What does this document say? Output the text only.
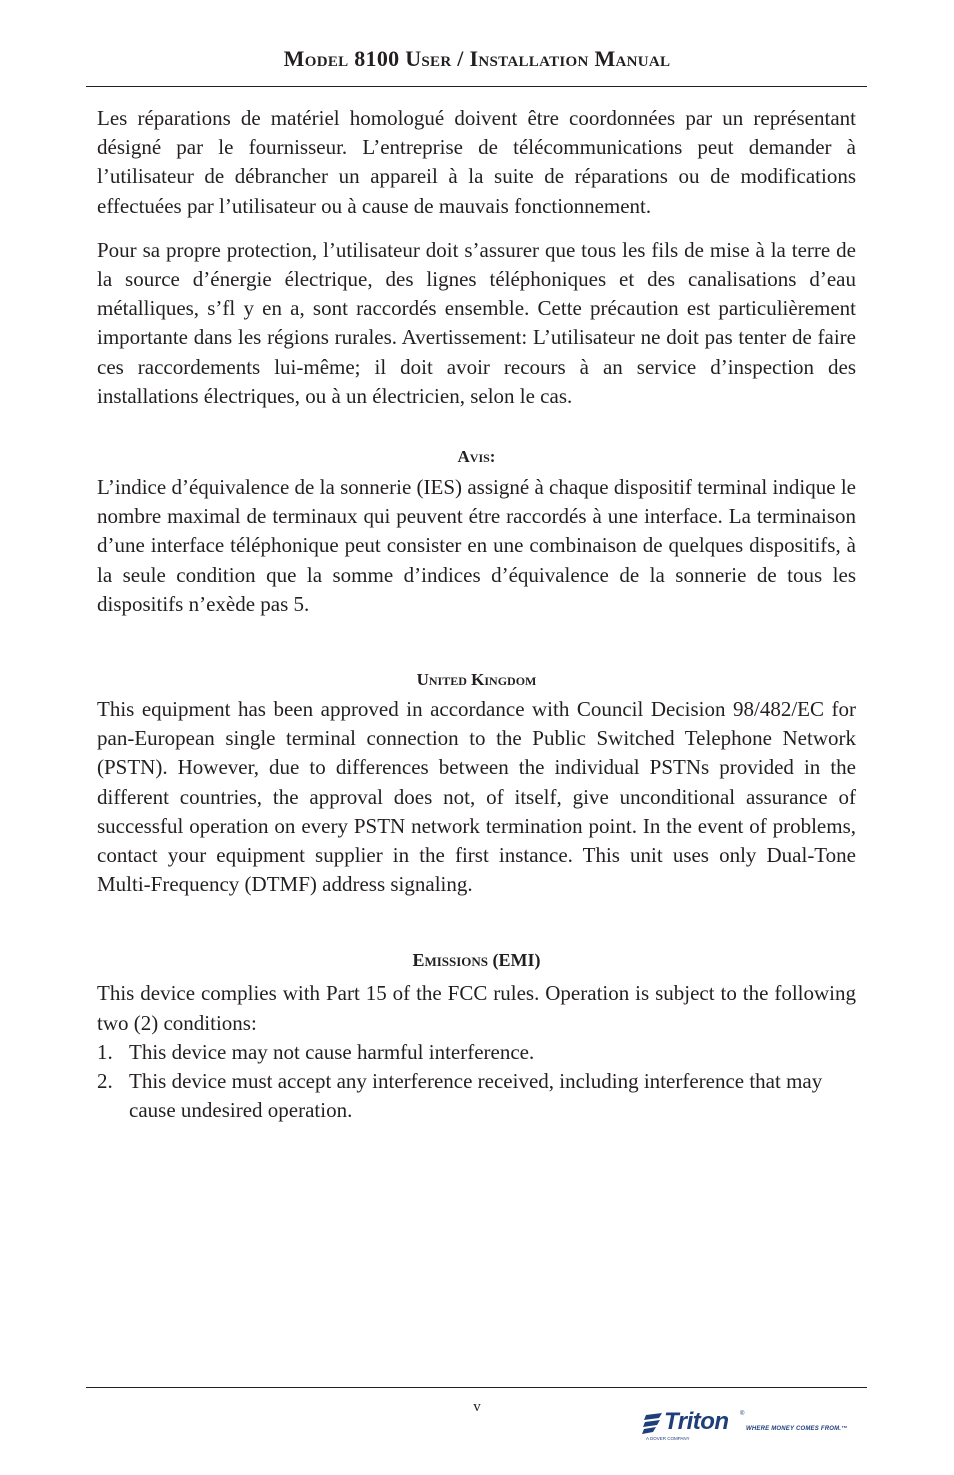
Model 8100 User / Installation Manual

Les réparations de matériel homologué doivent être coordonnées par un représentant désigné par le fournisseur. L’entreprise de télécommunications peut demander à l’utilisateur de débrancher un appareil à la suite de réparations ou de modifications effectuées par l’utilisateur ou à cause de mauvais fonctionnement.

Pour sa propre protection, l’utilisateur doit s’assurer que tous les fils de mise à la terre de la source d’énergie électrique, des lignes téléphoniques et des canalisations d’eau métalliques, s’fl y en a, sont raccordés ensemble. Cette précaution est particulièrement importante dans les régions rurales. Avertissement: L’utilisateur ne doit pas tenter de faire ces raccordements lui-même; il doit avoir recours à an service d’inspection des installations électriques, ou à un électricien, selon le cas.

Avis:

L’indice d’équivalence de la sonnerie (IES) assigné à chaque dispositif terminal indique le nombre maximal de terminaux qui peuvent étre raccordés à une interface. La terminaison d’une interface téléphonique peut consister en une combinaison de quelques dispositifs, à la seule condition que la somme d’indices d’équivalence de la sonnerie de tous les dispositifs n’exède pas 5.

United Kingdom

This equipment has been approved in accordance with Council Decision 98/482/EC for pan-European single terminal connection to the Public Switched Telephone Network (PSTN). However, due to differences between the individual PSTNs provided in the different countries, the approval does not, of itself, give unconditional assurance of successful operation on every PSTN network termination point. In the event of problems, contact your equipment supplier in the first instance. This unit uses only Dual-Tone Multi-Frequency (DTMF) address signaling.

Emissions (EMI)

This device complies with Part 15 of the FCC rules. Operation is subject to the following two (2) conditions:

1. This device may not cause harmful interference.
2. This device must accept any interference received, including interference that may cause undesired operation.
v
Triton ®
WHERE MONEY COMES FROM.™
A DOVER COMPANY
